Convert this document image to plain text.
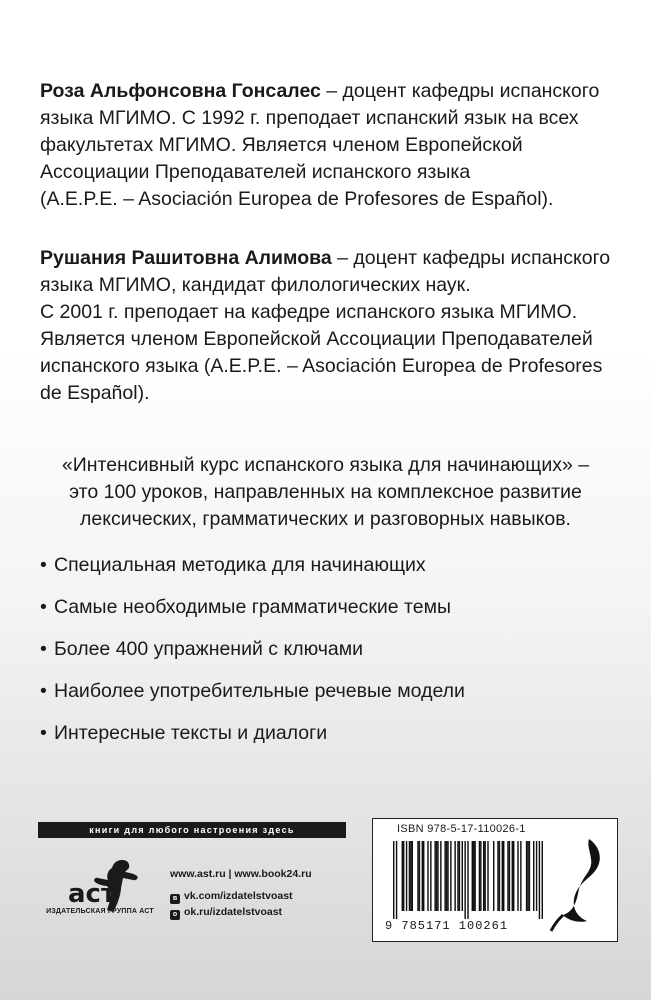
Роза Альфонсовна Гонсалес – доцент кафедры испанского

языка МГИМО. С 1992 г. преподает испанский язык на всех

факультетах МГИМО. Является членом Европейской

Ассоциации Преподавателей испанского языка

(A.E.P.E. – Asociación Europea de Profesores de Español).

Рушания Рашитовна Алимова – доцент кафедры испанского

языка МГИМО, кандидат филологических наук.

С 2001 г. преподает на кафедре испанского языка МГИМО.

Является членом Европейской Ассоциации Преподавателей

испанского языка (A.E.P.E. – Asociación Europea de Profesores

de Español).

«Интенсивный курс испанского языка для начинающих» –

это 100 уроков, направленных на комплексное развитие

лексических, грамматических и разговорных навыков.

• Специальная методика для начинающих
• Самые необходимые грамматические темы
• Более 400 упражнений с ключами
• Наиболее употребительные речевые модели
• Интересные тексты и диалоги
книги для любого настроения здесь
аст
ИЗДАТЕЛЬСКАЯ ГРУППА АСТ
www.ast.ru | www.book24.ru
в vk.com/izdatelstvoast
о ok.ru/izdatelstvoast
ISBN 978-5-17-110026-1
9 785171 100261
